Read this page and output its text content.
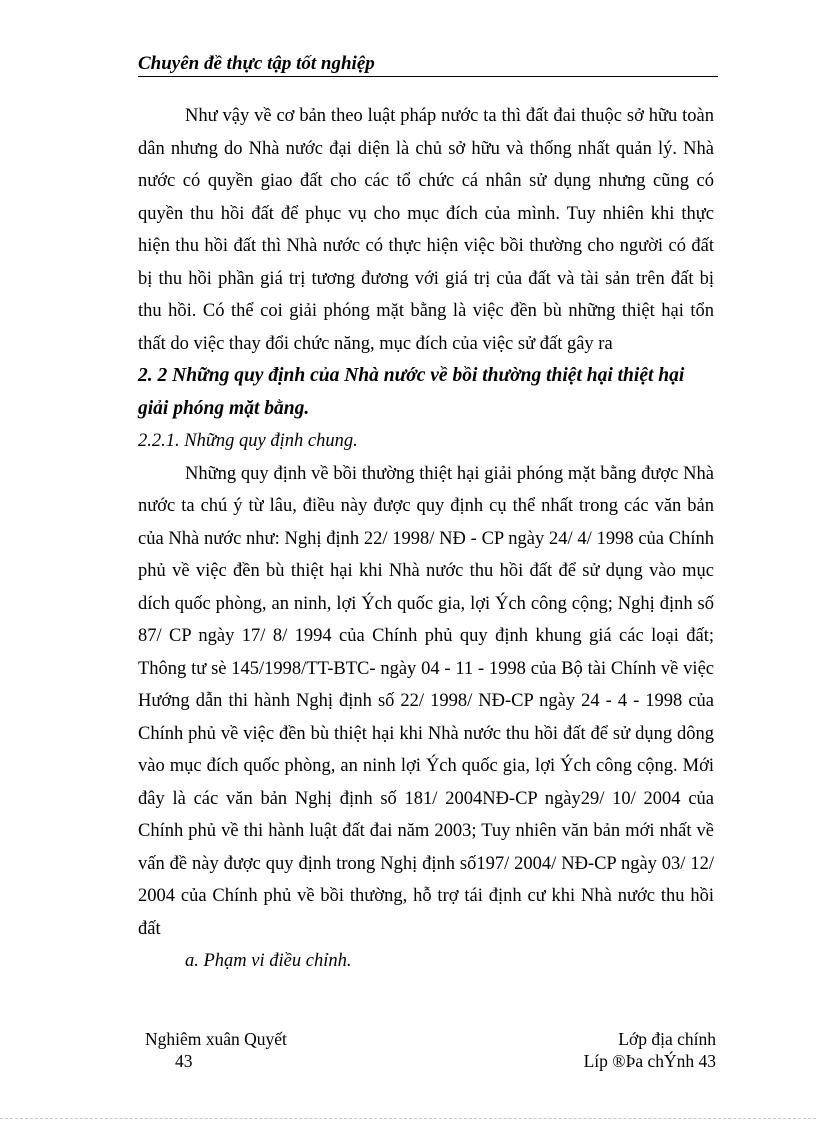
Chuyên đề thực tập tốt nghiệp

Như vậy về cơ bản theo luật pháp nước ta thì đất đai thuộc sở hữu toàn dân nhưng do Nhà nước đại diện là chủ sở hữu và thống nhất quản lý. Nhà nước có quyền giao đất cho các tổ chức cá nhân sử dụng nhưng cũng có quyền thu hồi đất để phục vụ cho mục đích của mình. Tuy nhiên khi thực hiện thu hồi đất thì Nhà nước có thực hiện việc bồi thường cho người có đất bị thu hồi phần giá trị tương đương với giá trị của đất và tài sản trên đất bị thu hồi. Có thể coi giải phóng mặt bằng là việc đền bù những thiệt hại tổn thất do việc thay đổi chức năng, mục đích của việc sử đất gây ra

2. 2 Những quy định của Nhà nước về bồi thường thiệt hại thiệt hại giải phóng mặt bằng.

2.2.1. Những quy định chung.

Những quy định về bồi thường thiệt hại giải phóng mặt bằng được Nhà nước ta chú ý từ lâu, điều này được quy định cụ thể nhất trong các văn bản của Nhà nước như: Nghị định 22/ 1998/ NĐ - CP ngày 24/ 4/ 1998 của Chính phủ về việc đền bù thiệt hại khi Nhà nước thu hồi đất để sử dụng vào mục dích quốc phòng, an ninh, lợi Ých quốc gia, lợi Ých công cộng; Nghị định số 87/ CP ngày 17/ 8/ 1994 của Chính phủ quy định khung giá các loại đất; Thông tư sè 145/1998/TT-BTC- ngày 04 - 11 - 1998 của Bộ tài Chính về việc Hướng dẫn thi hành Nghị định số 22/ 1998/ NĐ-CP ngày 24 - 4 - 1998 của Chính phủ về việc đền bù thiệt hại khi Nhà nước thu hồi đất để sử dụng dông vào mục đích quốc phòng, an ninh lợi Ých quốc gia, lợi Ých công cộng. Mới đây là các văn bản Nghị định số 181/ 2004NĐ-CP ngày29/ 10/ 2004 của Chính phủ về thi hành luật đất đai năm 2003; Tuy nhiên văn bản mới nhất về vấn đề này được quy định trong Nghị định số197/ 2004/ NĐ-CP ngày 03/ 12/ 2004 của Chính phủ về bồi thường, hỗ trợ tái định cư khi Nhà nước thu hồi đất

a. Phạm vi điều chỉnh.

Nghiêm xuân Quyết
43
Lớp địa chính
Líp ®Þa chÝnh 43
